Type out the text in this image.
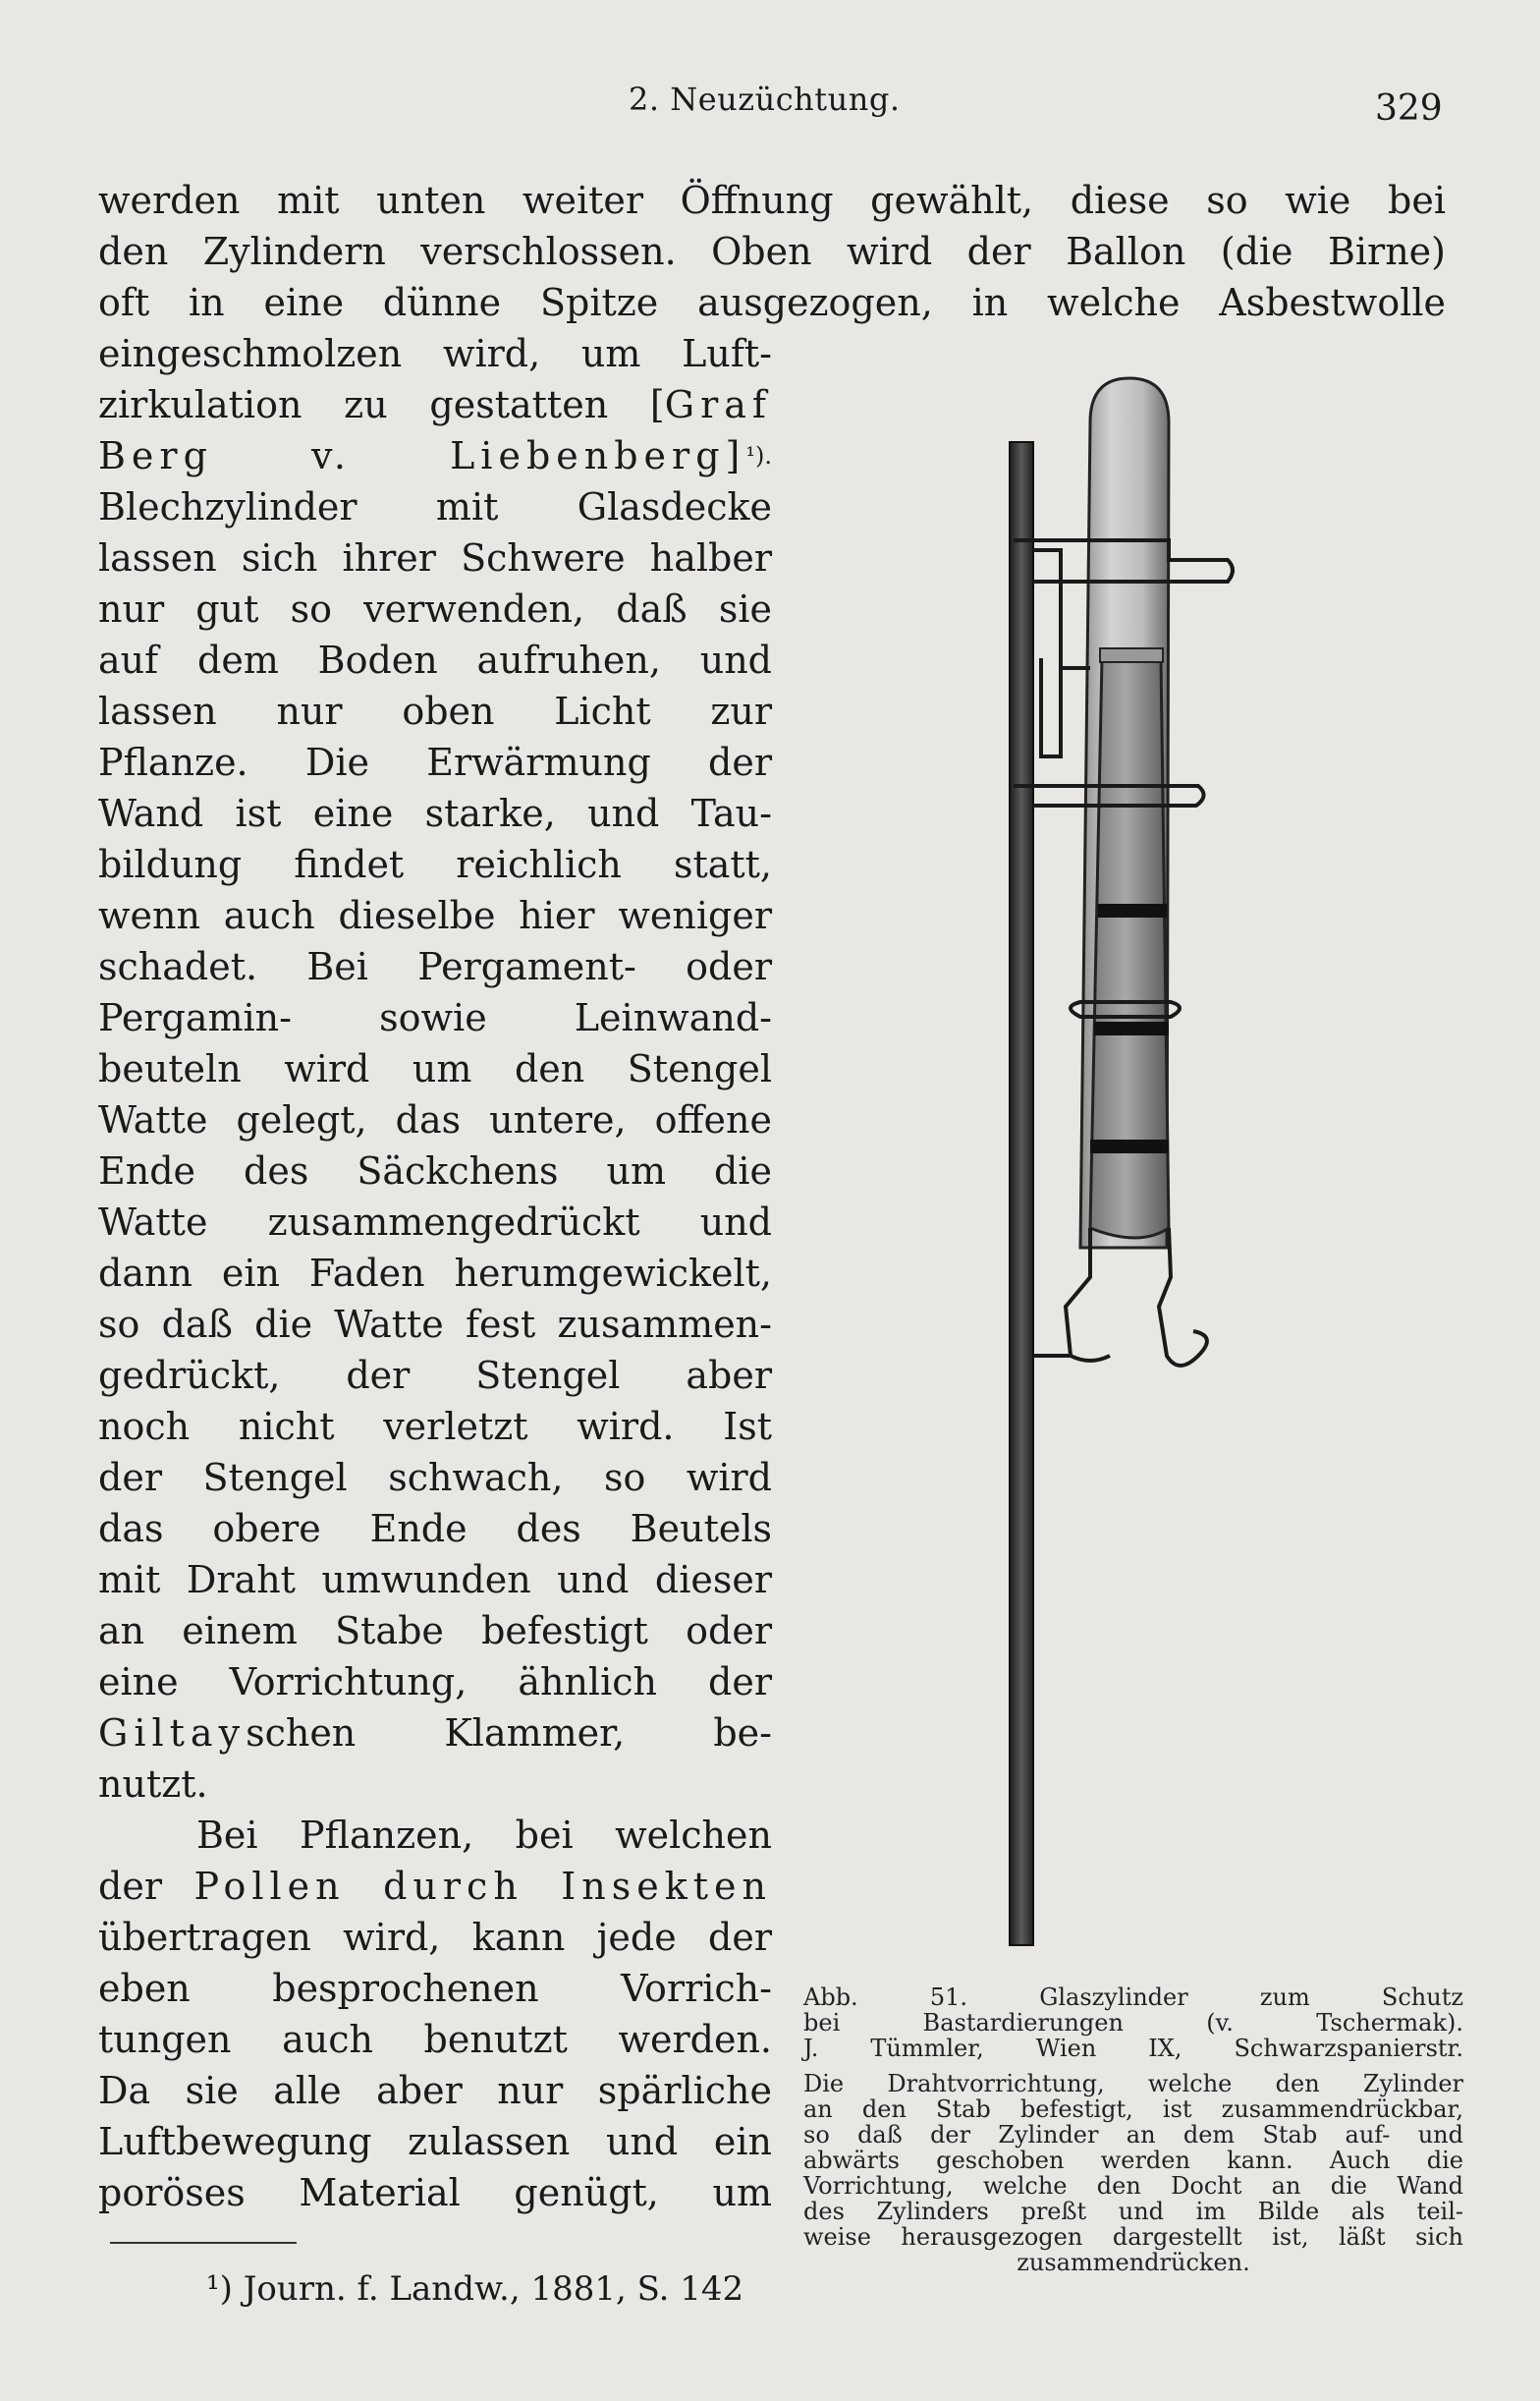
2. Neuzüchtung.	329
werden mit unten weiter Öffnung gewählt, diese so wie bei
den Zylindern verschlossen. Oben wird der Ballon (die Birne)
oft in eine dünne Spitze ausgezogen, in welche Asbestwolle
eingeschmolzen wird, um Luft-
zirkulation zu gestatten [Graf
Berg v. Liebenberg]$^{^1).}$
Blechzylinder mit Glasdecke
lassen sich ihrer Schwere halber
nur gut so verwenden, daß sie
auf dem Boden aufruhen, und
lassen nur oben Licht zur
Pflanze. Die Erwärmung der
Wand ist eine starke, und Tau-
bildung findet reichlich statt,
wenn auch dieselbe hier weniger
schadet. Bei Pergament- oder
Pergamin- sowie Leinwand-
beuteln wird um den Stengel
Watte gelegt, das untere, offene
Ende des Säckchens um die
Watte zusammengedrückt und
dann ein Faden herumgewickelt,
so daß die Watte fest zusammen-
gedrückt, der Stengel aber
noch nicht verletzt wird. Ist
der Stengel schwach, so wird
das obere Ende des Beutels
mit Draht umwunden und dieser
an einem Stabe befestigt oder
eine Vorrichtung, ähnlich der
Giltayschen Klammer, be-
nutzt.
Bei Pflanzen, bei welchen
der Pollen durch Insekten
übertragen wird, kann jede der
eben besprochenen Vorrich-
tungen auch benutzt werden.
Da sie alle aber nur spärliche
Luftbewegung zulassen und ein
poröses Material genügt, um
¹) Journ. f. Landw., 1881, S. 142
Abb. 51. Glaszylinder zum Schutz
bei Bastardierungen (v. Tschermak).
J. Tümmler, Wien IX, Schwarzspanierstr.
Die Drahtvorrichtung, welche den Zylinder
an den Stab befestigt, ist zusammendrückbar,
so daß der Zylinder an dem Stab auf- und
abwärts geschoben werden kann. Auch die
Vorrichtung, welche den Docht an die Wand
des Zylinders preßt und im Bilde als teil-
weise herausgezogen dargestellt ist, läßt sich
zusammendrücken.
